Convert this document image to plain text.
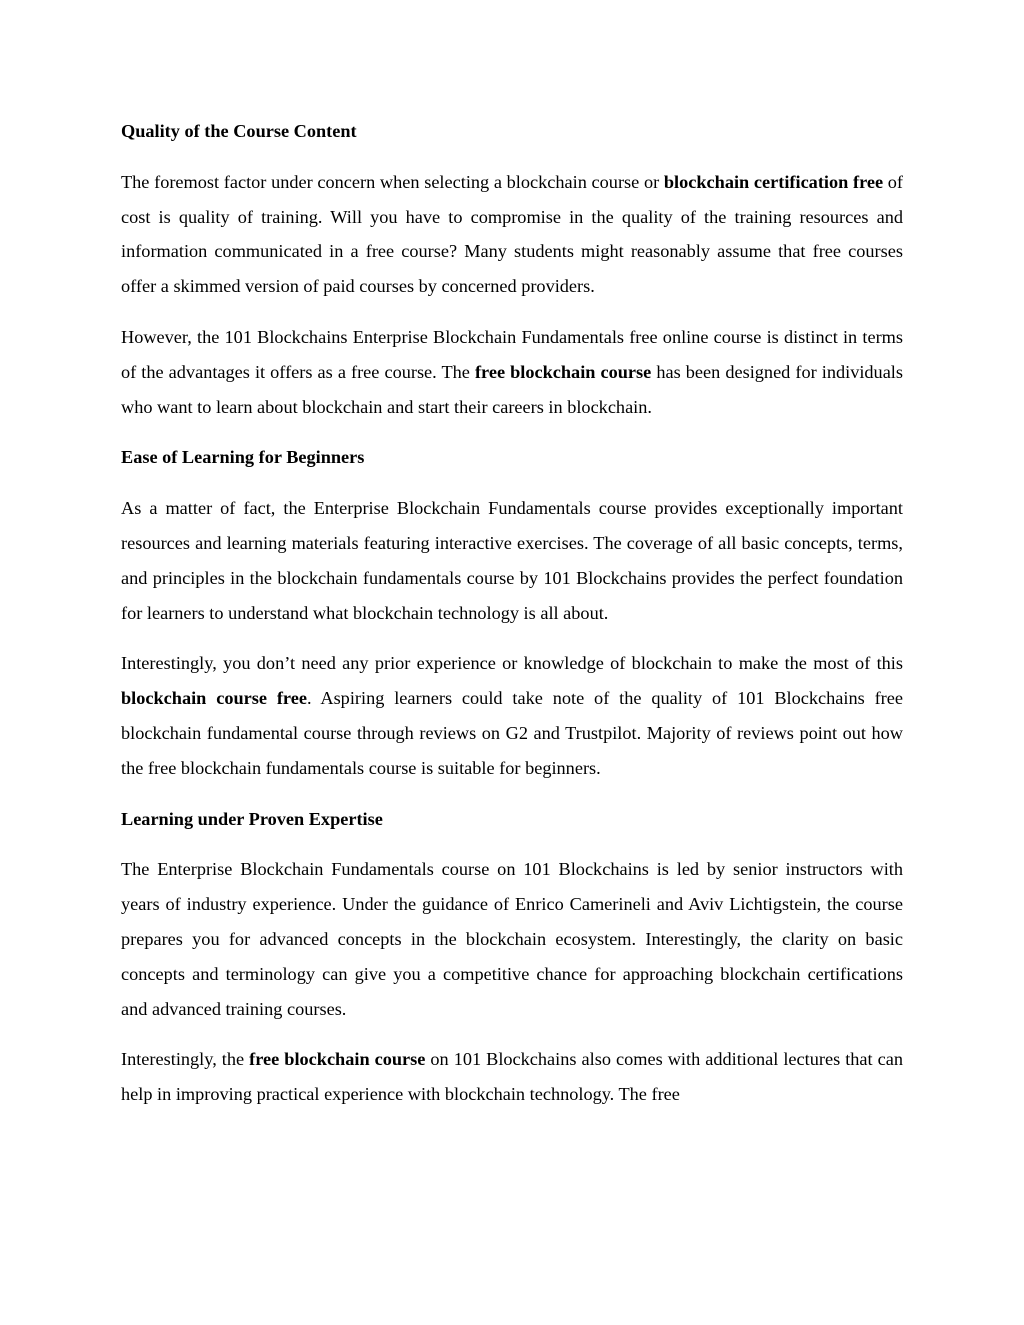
Quality of the Course Content

The foremost factor under concern when selecting a blockchain course or blockchain certification free of cost is quality of training. Will you have to compromise in the quality of the training resources and information communicated in a free course? Many students might reasonably assume that free courses offer a skimmed version of paid courses by concerned providers.

However, the 101 Blockchains Enterprise Blockchain Fundamentals free online course is distinct in terms of the advantages it offers as a free course. The free blockchain course has been designed for individuals who want to learn about blockchain and start their careers in blockchain.

Ease of Learning for Beginners

As a matter of fact, the Enterprise Blockchain Fundamentals course provides exceptionally important resources and learning materials featuring interactive exercises. The coverage of all basic concepts, terms, and principles in the blockchain fundamentals course by 101 Blockchains provides the perfect foundation for learners to understand what blockchain technology is all about.

Interestingly, you don’t need any prior experience or knowledge of blockchain to make the most of this blockchain course free. Aspiring learners could take note of the quality of 101 Blockchains free blockchain fundamental course through reviews on G2 and Trustpilot. Majority of reviews point out how the free blockchain fundamentals course is suitable for beginners.

Learning under Proven Expertise

The Enterprise Blockchain Fundamentals course on 101 Blockchains is led by senior instructors with years of industry experience. Under the guidance of Enrico Camerineli and Aviv Lichtigstein, the course prepares you for advanced concepts in the blockchain ecosystem. Interestingly, the clarity on basic concepts and terminology can give you a competitive chance for approaching blockchain certifications and advanced training courses.

Interestingly, the free blockchain course on 101 Blockchains also comes with additional lectures that can help in improving practical experience with blockchain technology. The free
